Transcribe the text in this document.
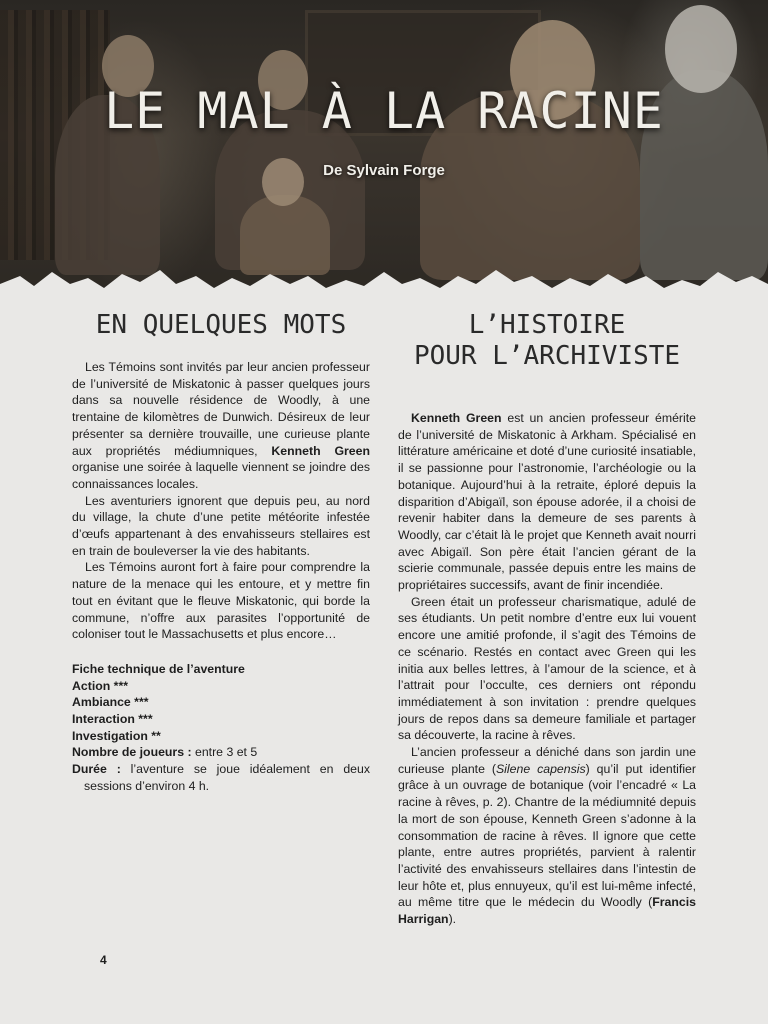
LE MAL À LA RACINE
De Sylvain Forge
EN QUELQUES MOTS

Les Témoins sont invités par leur ancien professeur de l’université de Miskatonic à passer quelques jours dans sa nouvelle résidence de Woodly, à une trentaine de kilomètres de Dunwich. Désireux de leur présenter sa dernière trouvaille, une curieuse plante aux propriétés médiumniques, Kenneth Green organise une soirée à laquelle viennent se joindre des connaissances locales.

Les aventuriers ignorent que depuis peu, au nord du village, la chute d’une petite météorite infestée d’œufs appartenant à des envahisseurs stellaires est en train de bouleverser la vie des habitants.

Les Témoins auront fort à faire pour comprendre la nature de la menace qui les entoure, et y mettre fin tout en évitant que le fleuve Miskatonic, qui borde la commune, n’offre aux parasites l’opportunité de coloniser tout le Massachusetts et plus encore…

Fiche technique de l’aventure
Action ***
Ambiance ***
Interaction ***
Investigation **
Nombre de joueurs : entre 3 et 5
Durée : l’aventure se joue idéalement en deux sessions d’environ 4 h.
L’HISTOIRE
POUR L’ARCHIVISTE

Kenneth Green est un ancien professeur émérite de l’université de Miskatonic à Arkham. Spécialisé en littérature américaine et doté d’une curiosité insatiable, il se passionne pour l’astronomie, l’archéologie ou la botanique. Aujourd’hui à la retraite, éploré depuis la disparition d’Abigaïl, son épouse adorée, il a choisi de revenir habiter dans la demeure de ses parents à Woodly, car c’était là le projet que Kenneth avait nourri avec Abigaïl. Son père était l’ancien gérant de la scierie communale, passée depuis entre les mains de propriétaires successifs, avant de finir incendiée.

Green était un professeur charismatique, adulé de ses étudiants. Un petit nombre d’entre eux lui vouent encore une amitié profonde, il s’agit des Témoins de ce scénario. Restés en contact avec Green qui les initia aux belles lettres, à l’amour de la science, et à l’attrait pour l’occulte, ces derniers ont répondu immédiatement à son invitation : prendre quelques jours de repos dans sa demeure familiale et partager sa découverte, la racine à rêves.

L’ancien professeur a déniché dans son jardin une curieuse plante (Silene capensis) qu’il put identifier grâce à un ouvrage de botanique (voir l’encadré « La racine à rêves, p. 2). Chantre de la médiumnité depuis la mort de son épouse, Kenneth Green s’adonne à la consommation de racine à rêves. Il ignore que cette plante, entre autres propriétés, parvient à ralentir l’activité des envahisseurs stellaires dans l’intestin de leur hôte et, plus ennuyeux, qu’il est lui-même infecté, au même titre que le médecin du Woodly (Francis Harrigan).

4
